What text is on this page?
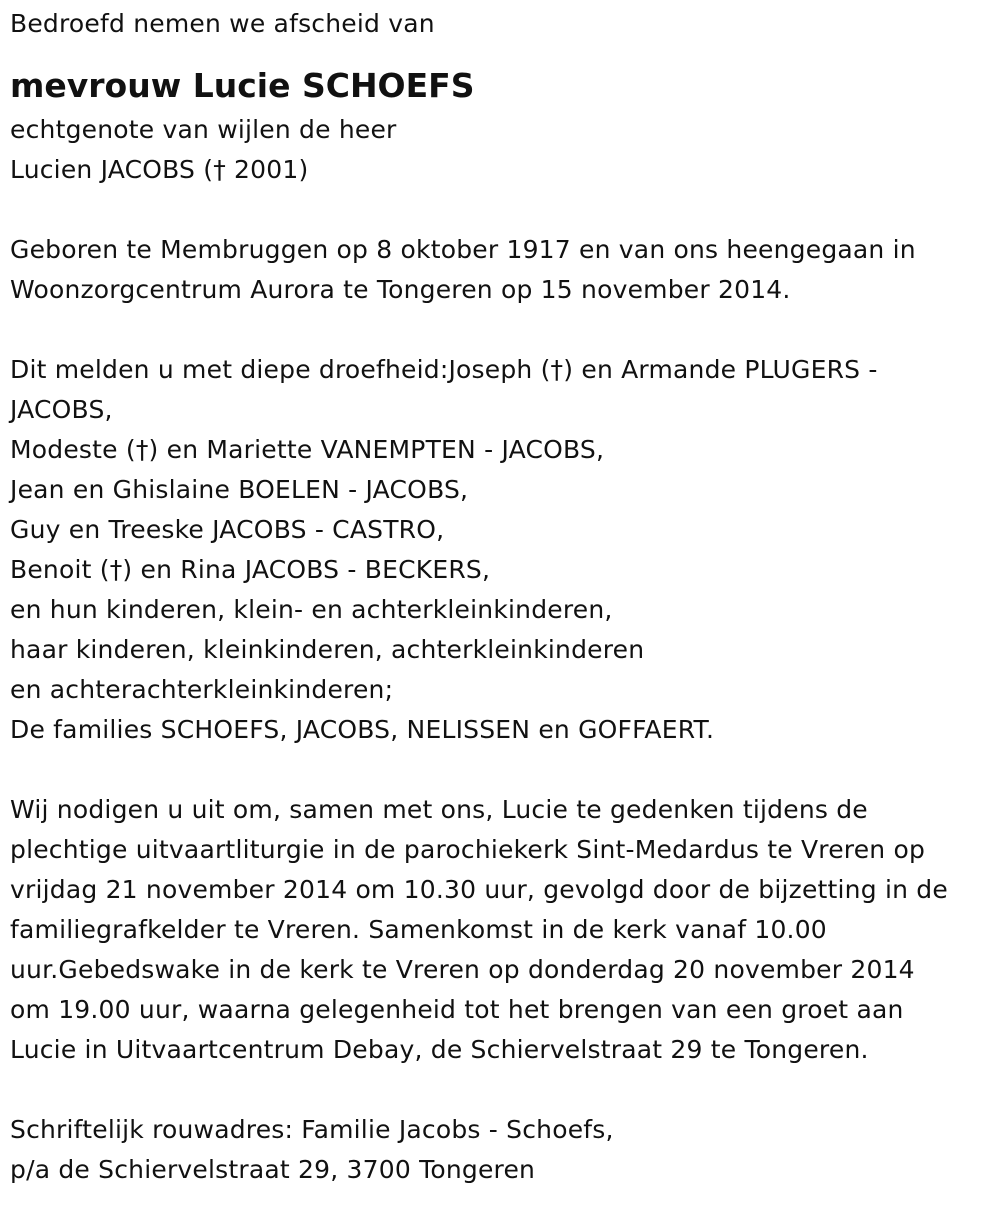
Bedroefd nemen we afscheid van
mevrouw Lucie SCHOEFS
echtgenote van wijlen de heer
Lucien JACOBS († 2001)
Geboren te Membruggen op 8 oktober 1917 en van ons heengegaan in
Woonzorgcentrum Aurora te Tongeren op 15 november 2014.
Dit melden u met diepe droefheid:Joseph (†) en Armande PLUGERS -
JACOBS,
Modeste (†) en Mariette VANEMPTEN - JACOBS,
Jean en Ghislaine BOELEN - JACOBS,
Guy en Treeske JACOBS - CASTRO,
Benoit (†) en Rina JACOBS - BECKERS,
en hun kinderen, klein- en achterkleinkinderen,
haar kinderen, kleinkinderen, achterkleinkinderen
en achterachterkleinkinderen;
De families SCHOEFS, JACOBS, NELISSEN en GOFFAERT.
Wij nodigen u uit om, samen met ons, Lucie te gedenken tijdens de
plechtige uitvaartliturgie in de parochiekerk Sint-Medardus te Vreren op
vrijdag 21 november 2014 om 10.30 uur, gevolgd door de bijzetting in de
familiegrafkelder te Vreren. Samenkomst in de kerk vanaf 10.00
uur.Gebedswake in de kerk te Vreren op donderdag 20 november 2014
om 19.00 uur, waarna gelegenheid tot het brengen van een groet aan
Lucie in Uitvaartcentrum Debay, de Schiervelstraat 29 te Tongeren.
Schriftelijk rouwadres: Familie Jacobs - Schoefs,
p/a de Schiervelstraat 29, 3700 Tongeren
